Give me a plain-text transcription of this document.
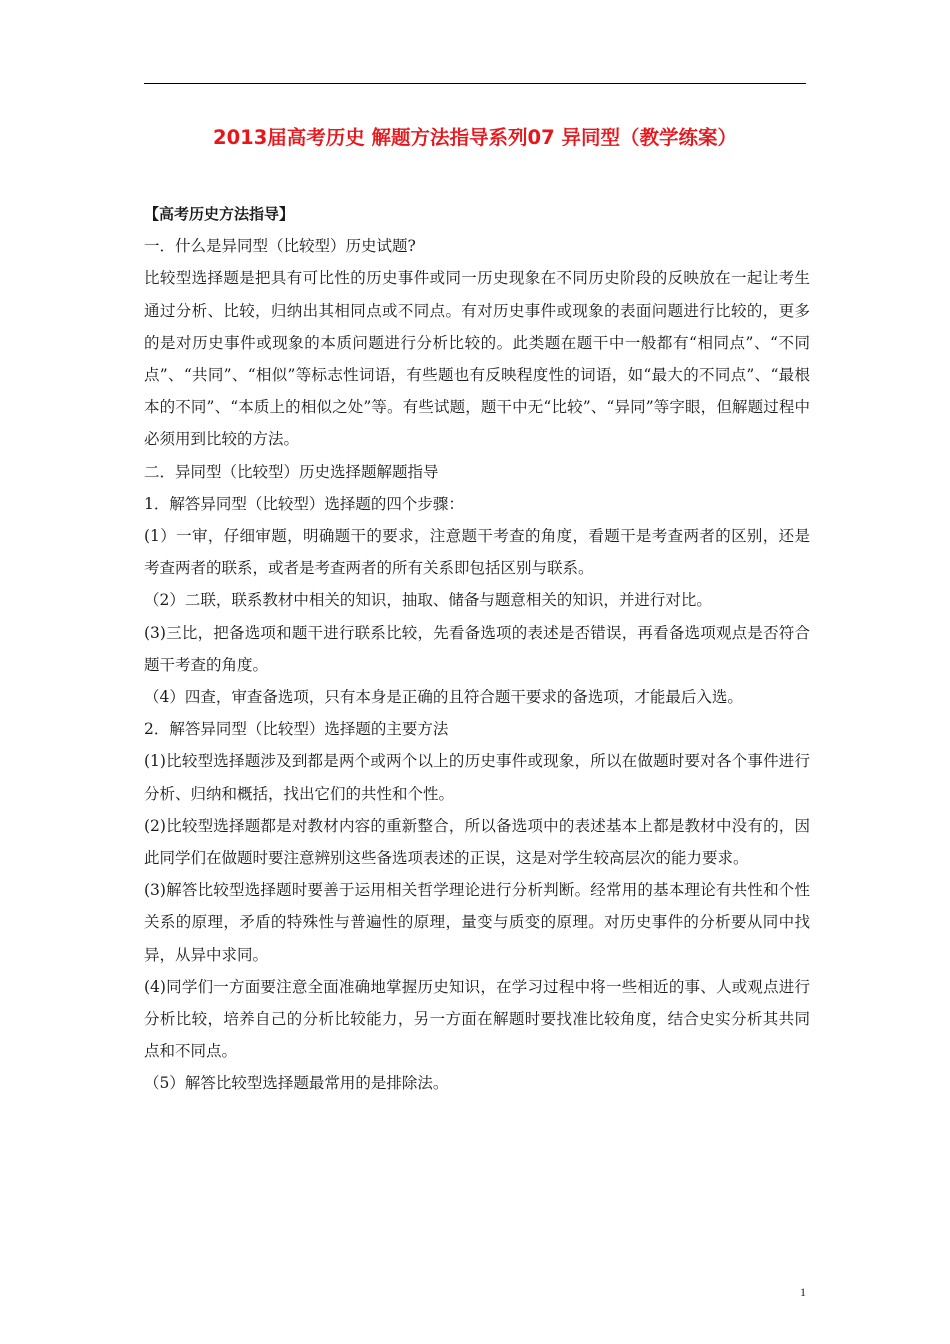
2013届高考历史 解题方法指导系列07 异同型（教学练案）

【高考历史方法指导】

一．什么是异同型（比较型）历史试题?

比较型选择题是把具有可比性的历史事件或同一历史现象在不同历史阶段的反映放在一起让考生通过分析、比较，归纳出其相同点或不同点。有对历史事件或现象的表面问题进行比较的，更多的是对历史事件或现象的本质问题进行分析比较的。此类题在题干中一般都有“相同点”、“不同点”、“共同”、“相似”等标志性词语，有些题也有反映程度性的词语，如“最大的不同点”、“最根本的不同”、“本质上的相似之处”等。有些试题，题干中无“比较”、“异同”等字眼，但解题过程中必须用到比较的方法。

二．异同型（比较型）历史选择题解题指导

1．解答异同型（比较型）选择题的四个步骤：

(1）一审，仔细审题，明确题干的要求，注意题干考查的角度，看题干是考查两者的区别，还是考查两者的联系，或者是考查两者的所有关系即包括区别与联系。

（2）二联，联系教材中相关的知识，抽取、储备与题意相关的知识，并进行对比。

(3)三比，把备选项和题干进行联系比较，先看备选项的表述是否错误，再看备选项观点是否符合题干考查的角度。

（4）四查，审查备选项，只有本身是正确的且符合题干要求的备选项，才能最后入选。

2．解答异同型（比较型）选择题的主要方法

(1)比较型选择题涉及到都是两个或两个以上的历史事件或现象，所以在做题时要对各个事件进行分析、归纳和概括，找出它们的共性和个性。

(2)比较型选择题都是对教材内容的重新整合，所以备选项中的表述基本上都是教材中没有的，因此同学们在做题时要注意辨别这些备选项表述的正误，这是对学生较高层次的能力要求。

(3)解答比较型选择题时要善于运用相关哲学理论进行分析判断。经常用的基本理论有共性和个性关系的原理，矛盾的特殊性与普遍性的原理，量变与质变的原理。对历史事件的分析要从同中找异，从异中求同。

(4)同学们一方面要注意全面准确地掌握历史知识，在学习过程中将一些相近的事、人或观点进行分析比较，培养自己的分析比较能力，另一方面在解题时要找准比较角度，结合史实分析其共同点和不同点。

（5）解答比较型选择题最常用的是排除法。

1
